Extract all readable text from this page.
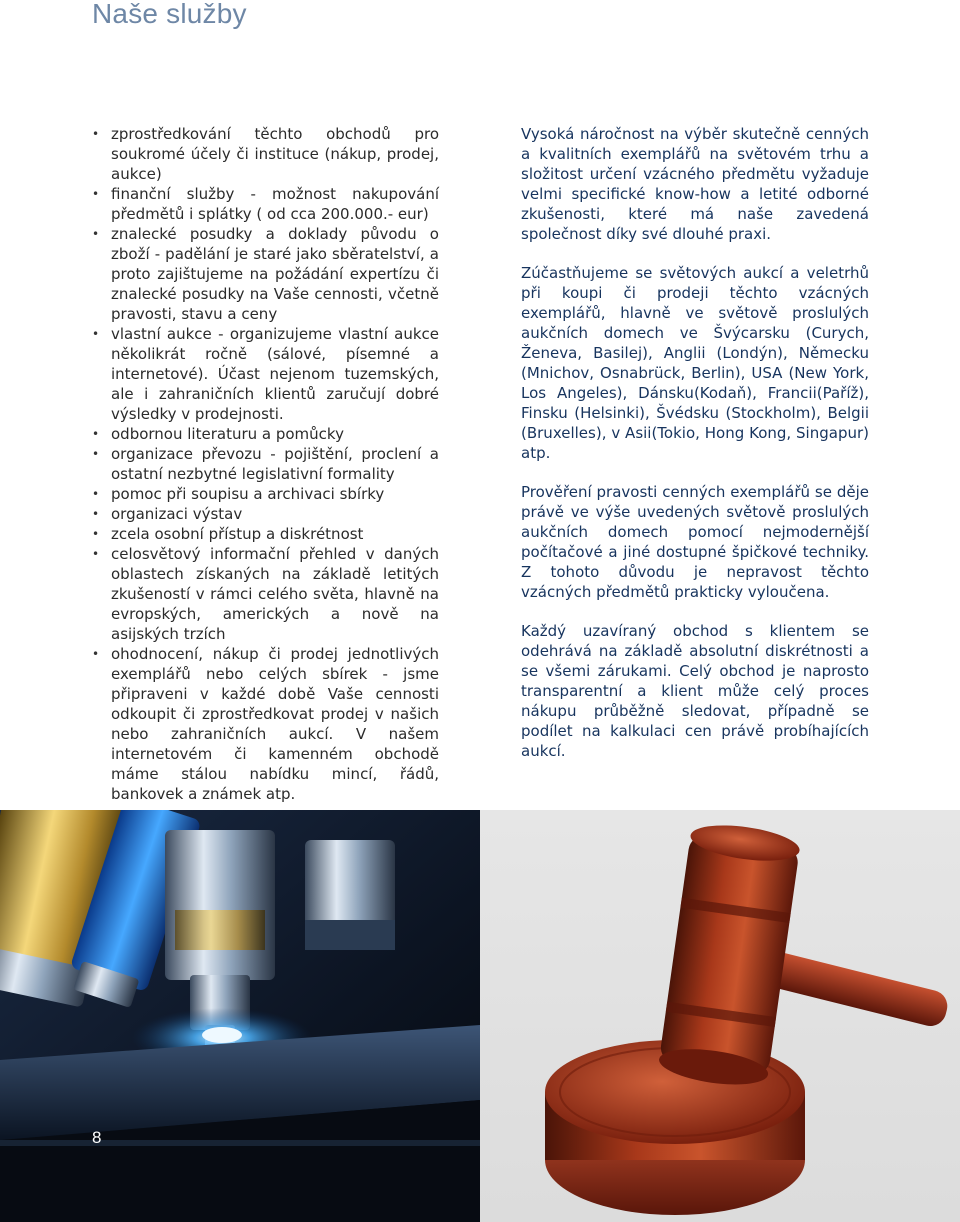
Naše služby
• zprostředkování těchto obchodů pro soukromé účely či instituce (nákup, prodej, aukce)
• finanční služby - možnost nakupování předmětů i splátky ( od cca 200.000.- eur)
• znalecké posudky a doklady původu o zboží - padělání je staré jako sběratelství, a proto zajištujeme na požádání expertízu či znalecké posudky na Vaše cennosti, včetně pravosti, stavu a ceny
• vlastní aukce - organizujeme vlastní aukce několikrát ročně (sálové, písemné a internetové). Účast nejenom tuzemských, ale i zahraničních klientů zaručují dobré výsledky v prodejnosti.
• odbornou literaturu a pomůcky
• organizace převozu - pojištění, proclení a ostatní nezbytné legislativní formality
• pomoc při soupisu a archivaci sbírky
• organizaci výstav
• zcela osobní přístup a diskrétnost
• celosvětový informační přehled v daných oblastech získaných na základě letitých zkušeností v rámci celého světa, hlavně na evropských, amerických a nově na asijských trzích
• ohodnocení, nákup či prodej jednotlivých exemplářů nebo celých sbírek - jsme připraveni v každé době Vaše cennosti odkoupit či zprostředkovat prodej v našich nebo zahraničních aukcí. V našem internetovém či kamenném obchodě máme stálou nabídku mincí, řádů, bankovek a známek atp.

Vysoká náročnost na výběr skutečně cenných a kvalitních exemplářů na světovém trhu a složitost určení vzácného předmětu vyžaduje velmi specifické know-how a letité odborné zkušenosti, které má naše zavedená společnost díky své dlouhé praxi.

Zúčastňujeme se světových aukcí a veletrhů při koupi či prodeji těchto vzácných exemplářů, hlavně ve světově proslulých aukčních domech ve Švýcarsku (Curych, Ženeva, Basilej), Anglii (Londýn), Německu (Mnichov, Osnabrück, Berlin), USA (New York, Los Angeles), Dánsku(Kodaň), Francii(Paříž), Finsku (Helsinki), Švédsku (Stockholm), Belgii (Bruxelles), v Asii(Tokio, Hong Kong, Singapur) atp.

Prověření pravosti cenných exemplářů se děje právě ve výše uvedených světově proslulých aukčních domech pomocí nejmodernější počítačové a jiné dostupné špičkové techniky. Z tohoto důvodu je nepravost těchto vzácných předmětů prakticky vyloučena.

Každý uzavíraný obchod s klientem se odehrává na základě absolutní diskrétnosti a se všemi zárukami. Celý obchod je naprosto transparentní a klient může celý proces nákupu průběžně sledovat, případně se podílet na kalkulaci cen právě probíhajících aukcí.

8
